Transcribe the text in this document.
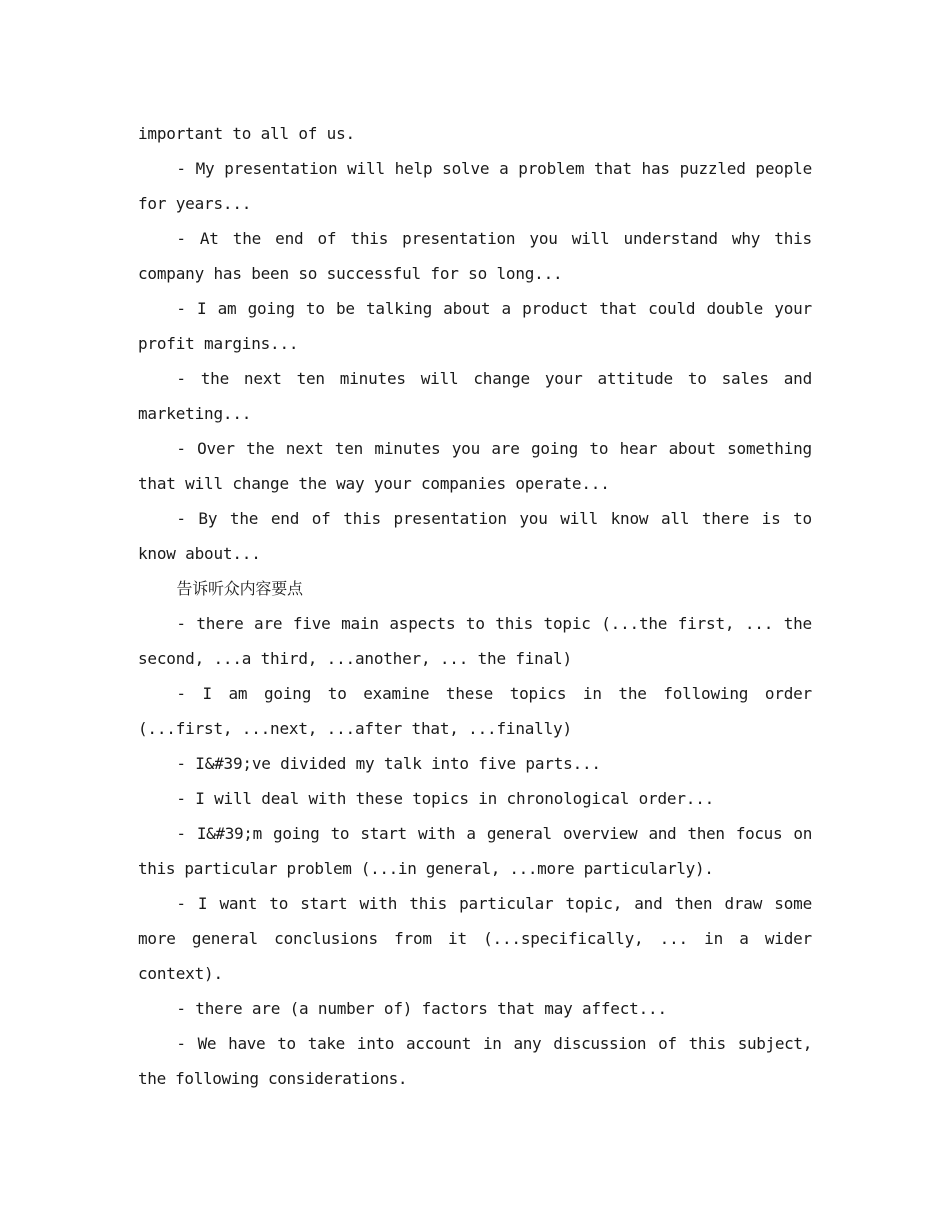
important to all of us.

- My presentation will help solve a problem that has puzzled people for years...

- At the end of this presentation you will understand why this company has been so successful for so long...

- I am going to be talking about a product that could double your profit margins...

- the next ten minutes will change your attitude to sales and marketing...

- Over the next ten minutes you are going to hear about something that will change the way your companies operate...

- By the end of this presentation you will know all there is to know about...

告诉听众内容要点

- there are five main aspects to this topic (...the first, ... the second, ...a third, ...another, ... the final)

- I am going to examine these topics in the following order (...first, ...next, ...after that, ...finally)

- I&#39;ve divided my talk into five parts...

- I will deal with these topics in chronological order...

- I&#39;m going to start with a general overview and then focus on this particular problem (...in general, ...more particularly).

- I want to start with this particular topic, and then draw some more general conclusions from it (...specifically, ... in a wider context).

- there are (a number of) factors that may affect...

- We have to take into account in any discussion of this subject, the following considerations.
